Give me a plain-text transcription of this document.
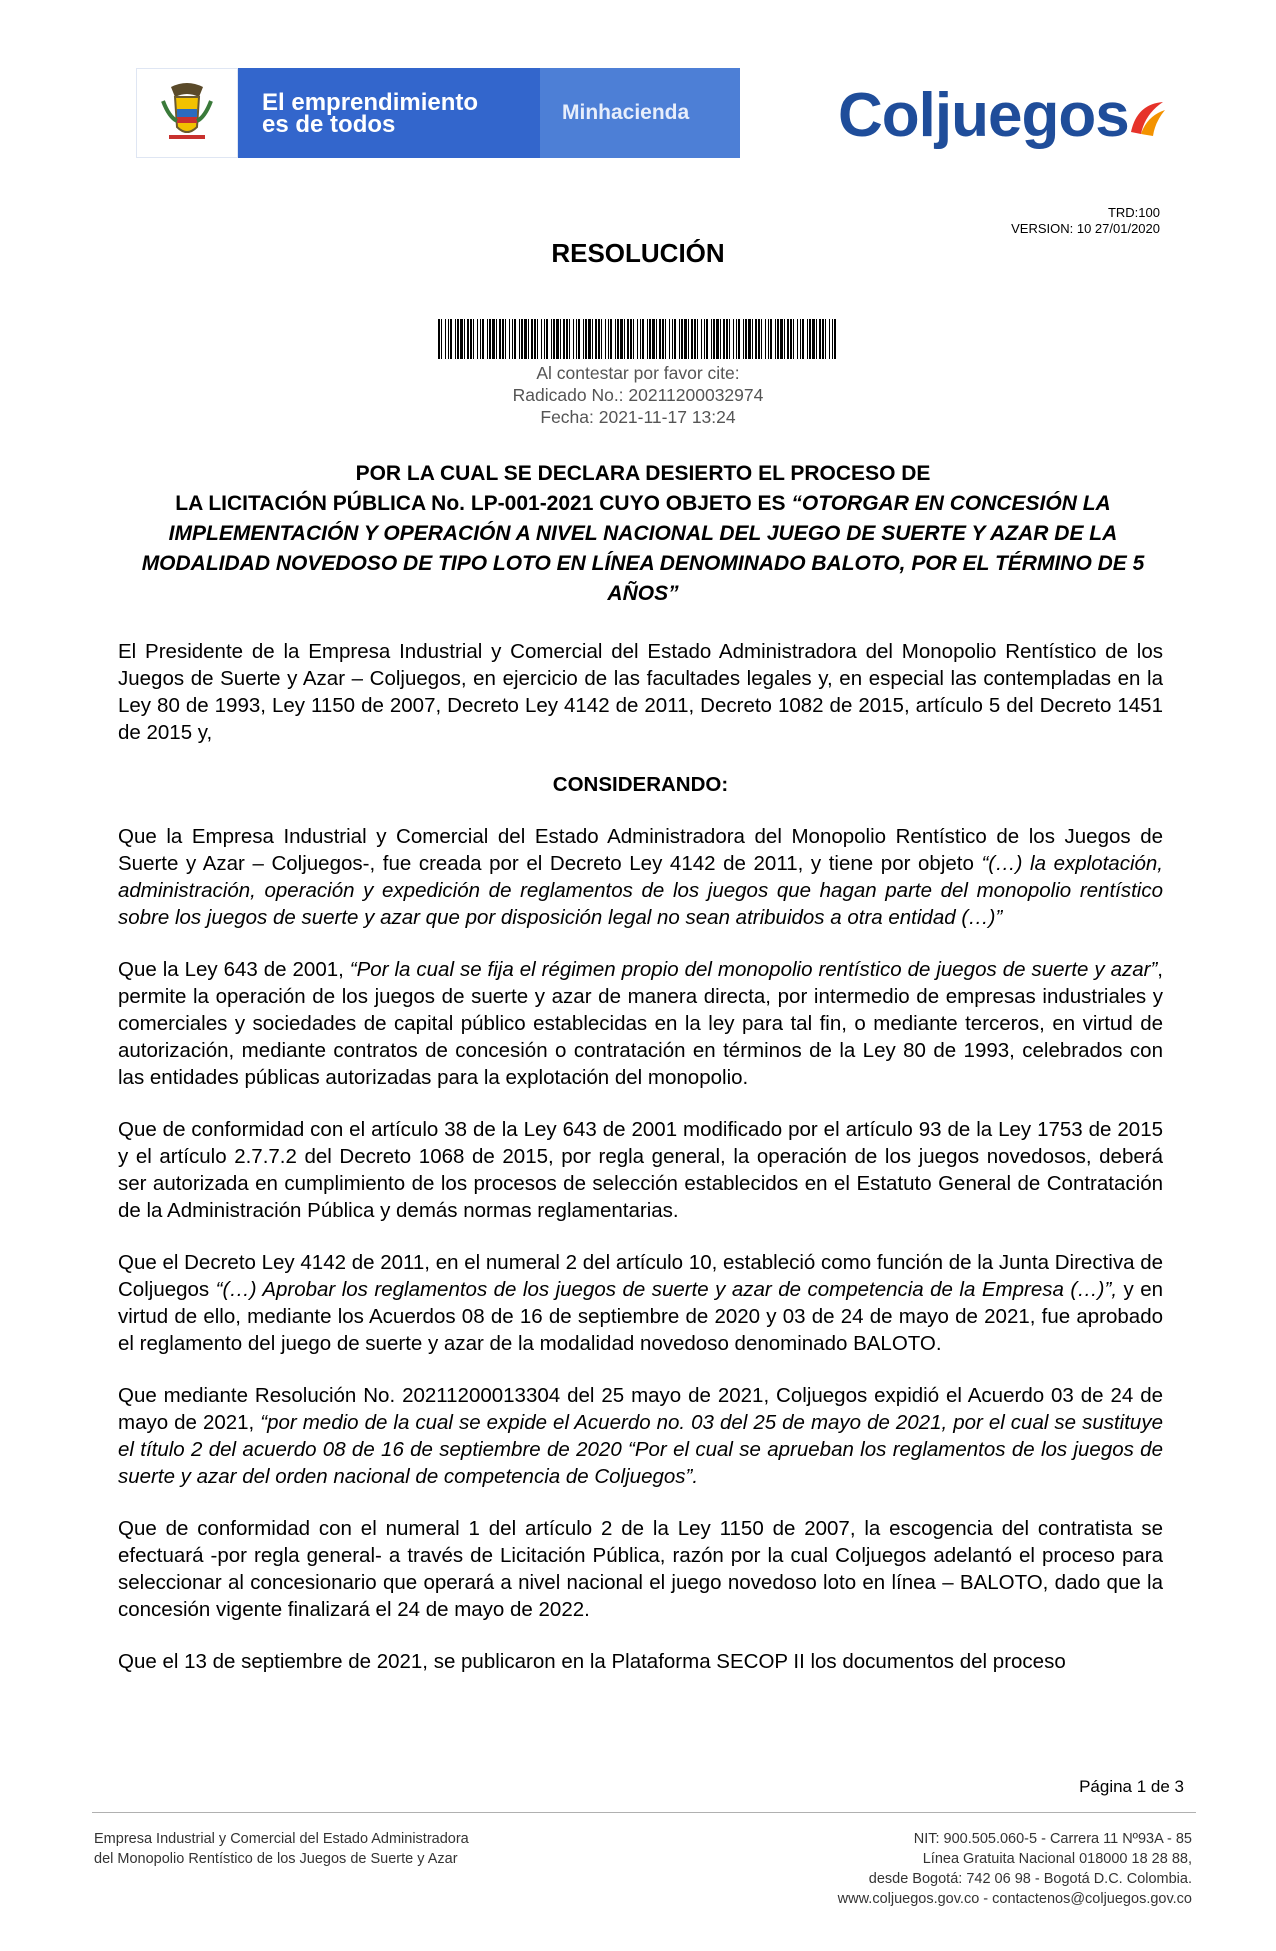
El emprendimiento
es de todos	Minhacienda Coljuegos
TRD:100
VERSION: 10 27/01/2020
RESOLUCIÓN
Al contestar por favor cite:
Radicado No.: 20211200032974
Fecha: 2021-11-17 13:24
POR LA CUAL SE DECLARA DESIERTO EL PROCESO DE
LA LICITACIÓN PÚBLICA No. LP-001-2021 CUYO OBJETO ES “OTORGAR EN CONCESIÓN LA IMPLEMENTACIÓN Y OPERACIÓN A NIVEL NACIONAL DEL JUEGO DE SUERTE Y AZAR DE LA MODALIDAD NOVEDOSO DE TIPO LOTO EN LÍNEA DENOMINADO BALOTO, POR EL TÉRMINO DE 5 AÑOS”

El Presidente de la Empresa Industrial y Comercial del Estado Administradora del Monopolio Rentístico de los Juegos de Suerte y Azar – Coljuegos, en ejercicio de las facultades legales y, en especial las contempladas en la Ley 80 de 1993, Ley 1150 de 2007, Decreto Ley 4142 de 2011, Decreto 1082 de 2015, artículo 5 del Decreto 1451 de 2015 y,

CONSIDERANDO:

Que la Empresa Industrial y Comercial del Estado Administradora del Monopolio Rentístico de los Juegos de Suerte y Azar – Coljuegos-, fue creada por el Decreto Ley 4142 de 2011, y tiene por objeto “(…) la explotación, administración, operación y expedición de reglamentos de los juegos que hagan parte del monopolio rentístico sobre los juegos de suerte y azar que por disposición legal no sean atribuidos a otra entidad (…)”

Que la Ley 643 de 2001, “Por la cual se fija el régimen propio del monopolio rentístico de juegos de suerte y azar”, permite la operación de los juegos de suerte y azar de manera directa, por intermedio de empresas industriales y comerciales y sociedades de capital público establecidas en la ley para tal fin, o mediante terceros, en virtud de autorización, mediante contratos de concesión o contratación en términos de la Ley 80 de 1993, celebrados con las entidades públicas autorizadas para la explotación del monopolio.

Que de conformidad con el artículo 38 de la Ley 643 de 2001 modificado por el artículo 93 de la Ley 1753 de 2015 y el artículo 2.7.7.2 del Decreto 1068 de 2015, por regla general, la operación de los juegos novedosos, deberá ser autorizada en cumplimiento de los procesos de selección establecidos en el Estatuto General de Contratación de la Administración Pública y demás normas reglamentarias.

Que el Decreto Ley 4142 de 2011, en el numeral 2 del artículo 10, estableció como función de la Junta Directiva de Coljuegos “(…) Aprobar los reglamentos de los juegos de suerte y azar de competencia de la Empresa (…)”, y en virtud de ello, mediante los Acuerdos 08 de 16 de septiembre de 2020 y 03 de 24 de mayo de 2021, fue aprobado el reglamento del juego de suerte y azar de la modalidad novedoso denominado BALOTO.

Que mediante Resolución No. 20211200013304 del 25 mayo de 2021, Coljuegos expidió el Acuerdo 03 de 24 de mayo de 2021, “por medio de la cual se expide el Acuerdo no. 03 del 25 de mayo de 2021, por el cual se sustituye el título 2 del acuerdo 08 de 16 de septiembre de 2020 “Por el cual se aprueban los reglamentos de los juegos de suerte y azar del orden nacional de competencia de Coljuegos”.

Que de conformidad con el numeral 1 del artículo 2 de la Ley 1150 de 2007, la escogencia del contratista se efectuará -por regla general- a través de Licitación Pública, razón por la cual Coljuegos adelantó el proceso para seleccionar al concesionario que operará a nivel nacional el juego novedoso loto en línea – BALOTO, dado que la concesión vigente finalizará el 24 de mayo de 2022.

Que el 13 de septiembre de 2021, se publicaron en la Plataforma SECOP II los documentos del proceso

Página 1 de 3
Empresa Industrial y Comercial del Estado Administradora
del Monopolio Rentístico de los Juegos de Suerte y Azar
NIT: 900.505.060-5 - Carrera 11 Nº93A - 85
Línea Gratuita Nacional 018000 18 28 88,
desde Bogotá: 742 06 98 - Bogotá D.C. Colombia.
www.coljuegos.gov.co - contactenos@coljuegos.gov.co
